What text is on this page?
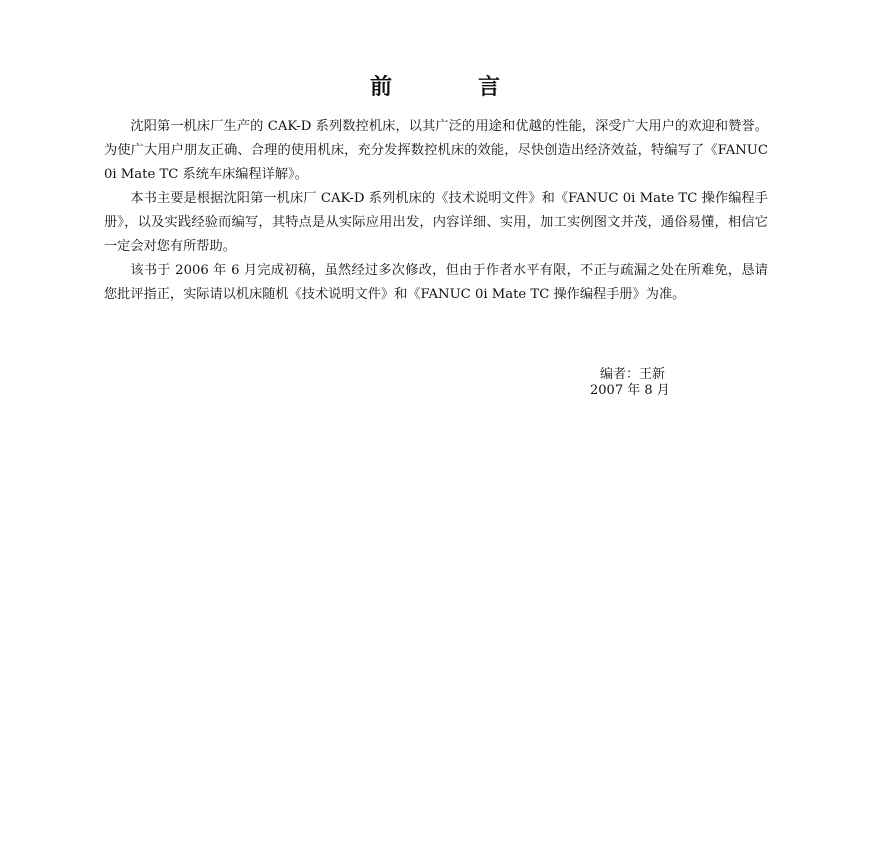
前　言

沈阳第一机床厂生产的 CAK-D 系列数控机床，以其广泛的用途和优越的性能，深受广大用户的欢迎和赞誉。为使广大用户朋友正确、合理的使用机床，充分发挥数控机床的效能，尽快创造出经济效益，特编写了《FANUC 0i Mate TC 系统车床编程详解》。

本书主要是根据沈阳第一机床厂 CAK-D 系列机床的《技术说明文件》和《FANUC 0i Mate TC 操作编程手册》，以及实践经验而编写，其特点是从实际应用出发，内容详细、实用，加工实例图文并茂，通俗易懂，相信它一定会对您有所帮助。

该书于 2006 年 6 月完成初稿，虽然经过多次修改，但由于作者水平有限，不正与疏漏之处在所难免，恳请您批评指正，实际请以机床随机《技术说明文件》和《FANUC 0i Mate TC 操作编程手册》为准。

编者：王新
2007 年 8 月
